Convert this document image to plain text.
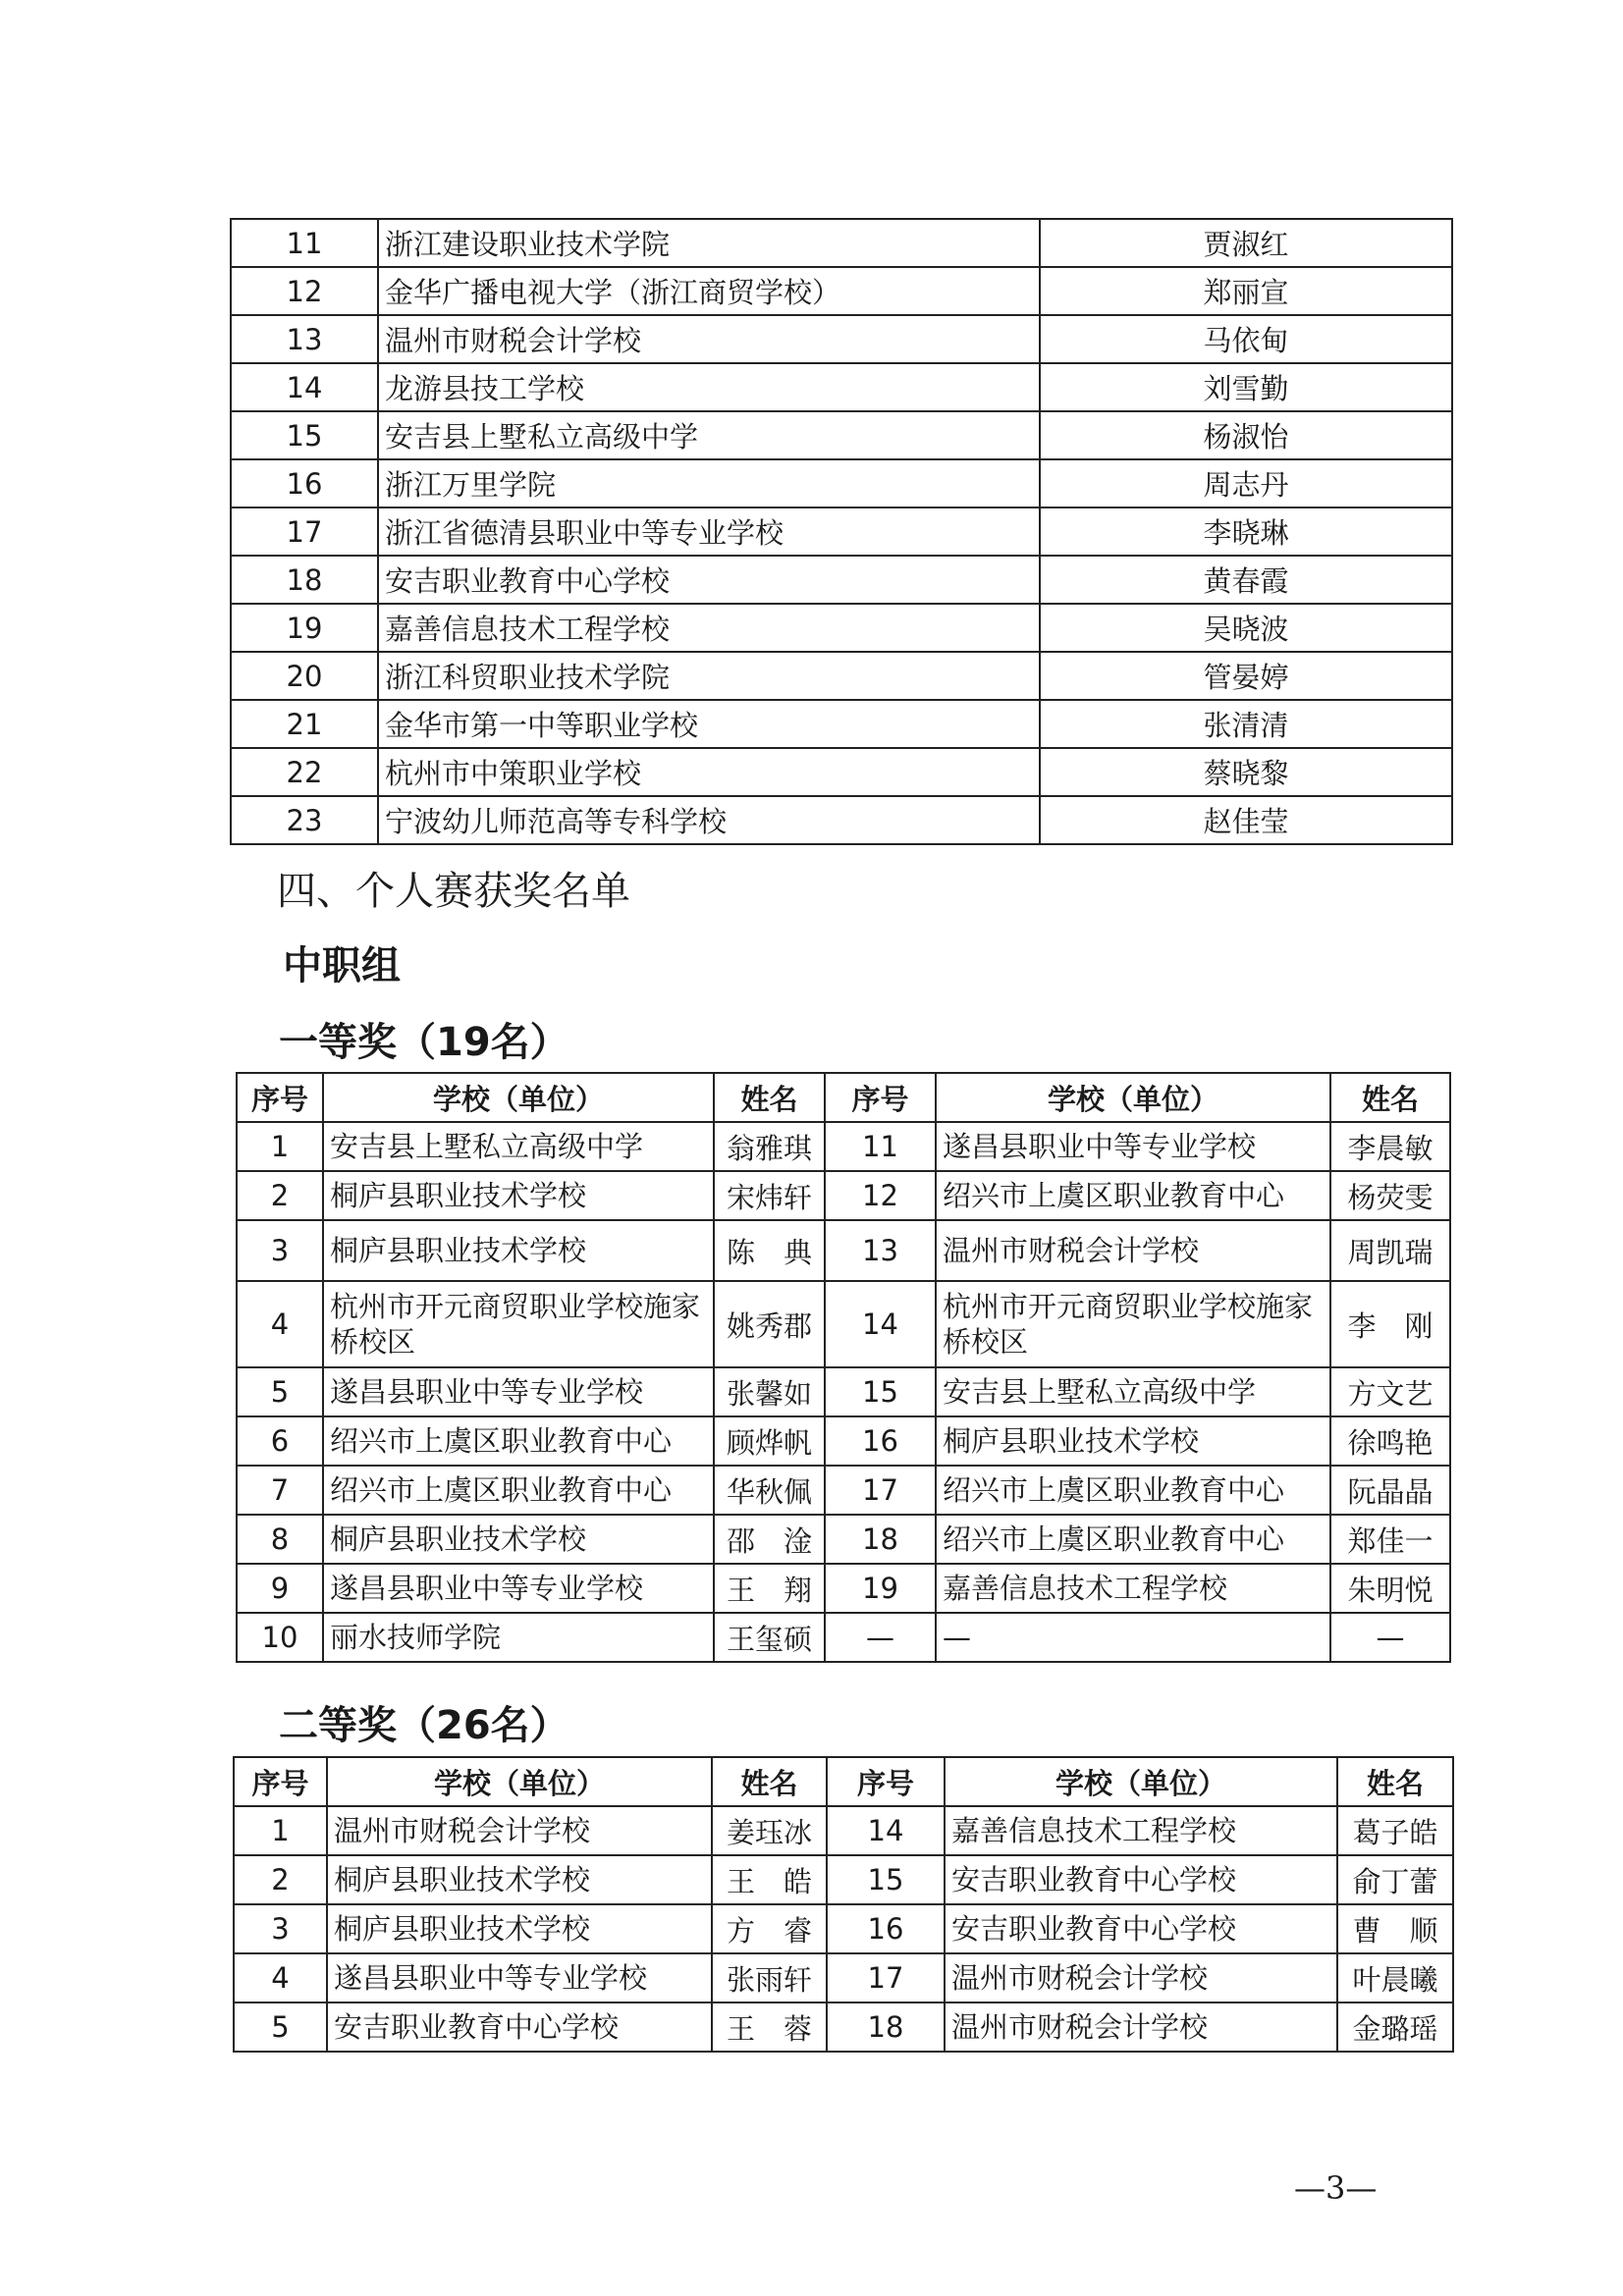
11	浙江建设职业技术学院	贾淑红
12	金华广播电视大学（浙江商贸学校）	郑丽宣
13	温州市财税会计学校	马依甸
14	龙游县技工学校	刘雪勤
15	安吉县上墅私立高级中学	杨淑怡
16	浙江万里学院	周志丹
17	浙江省德清县职业中等专业学校	李晓琳
18	安吉职业教育中心学校	黄春霞
19	嘉善信息技术工程学校	吴晓波
20	浙江科贸职业技术学院	管晏婷
21	金华市第一中等职业学校	张清清
22	杭州市中策职业学校	蔡晓黎
23	宁波幼儿师范高等专科学校	赵佳莹
四、个人赛获奖名单
中职组
一等奖（19名）
序号	学校（单位）	姓名	序号	学校（单位）	姓名
1	安吉县上墅私立高级中学	翁雅琪	11	遂昌县职业中等专业学校	李晨敏
2	桐庐县职业技术学校	宋炜轩	12	绍兴市上虞区职业教育中心	杨荧雯
3	桐庐县职业技术学校	陈　典	13	温州市财税会计学校	周凯瑞
4	杭州市开元商贸职业学校施家桥校区	姚秀郡	14	杭州市开元商贸职业学校施家桥校区	李　刚
5	遂昌县职业中等专业学校	张馨如	15	安吉县上墅私立高级中学	方文艺
6	绍兴市上虞区职业教育中心	顾烨帆	16	桐庐县职业技术学校	徐鸣艳
7	绍兴市上虞区职业教育中心	华秋佩	17	绍兴市上虞区职业教育中心	阮晶晶
8	桐庐县职业技术学校	邵　淦	18	绍兴市上虞区职业教育中心	郑佳一
9	遂昌县职业中等专业学校	王　翔	19	嘉善信息技术工程学校	朱明悦
10	丽水技师学院	王玺硕	—	—	—
二等奖（26名）
序号	学校（单位）	姓名	序号	学校（单位）	姓名
1	温州市财税会计学校	姜珏冰	14	嘉善信息技术工程学校	葛子皓
2	桐庐县职业技术学校	王　皓	15	安吉职业教育中心学校	俞丁蕾
3	桐庐县职业技术学校	方　睿	16	安吉职业教育中心学校	曹　顺
4	遂昌县职业中等专业学校	张雨轩	17	温州市财税会计学校	叶晨曦
5	安吉职业教育中心学校	王　蓉	18	温州市财税会计学校	金璐瑶
—3—
